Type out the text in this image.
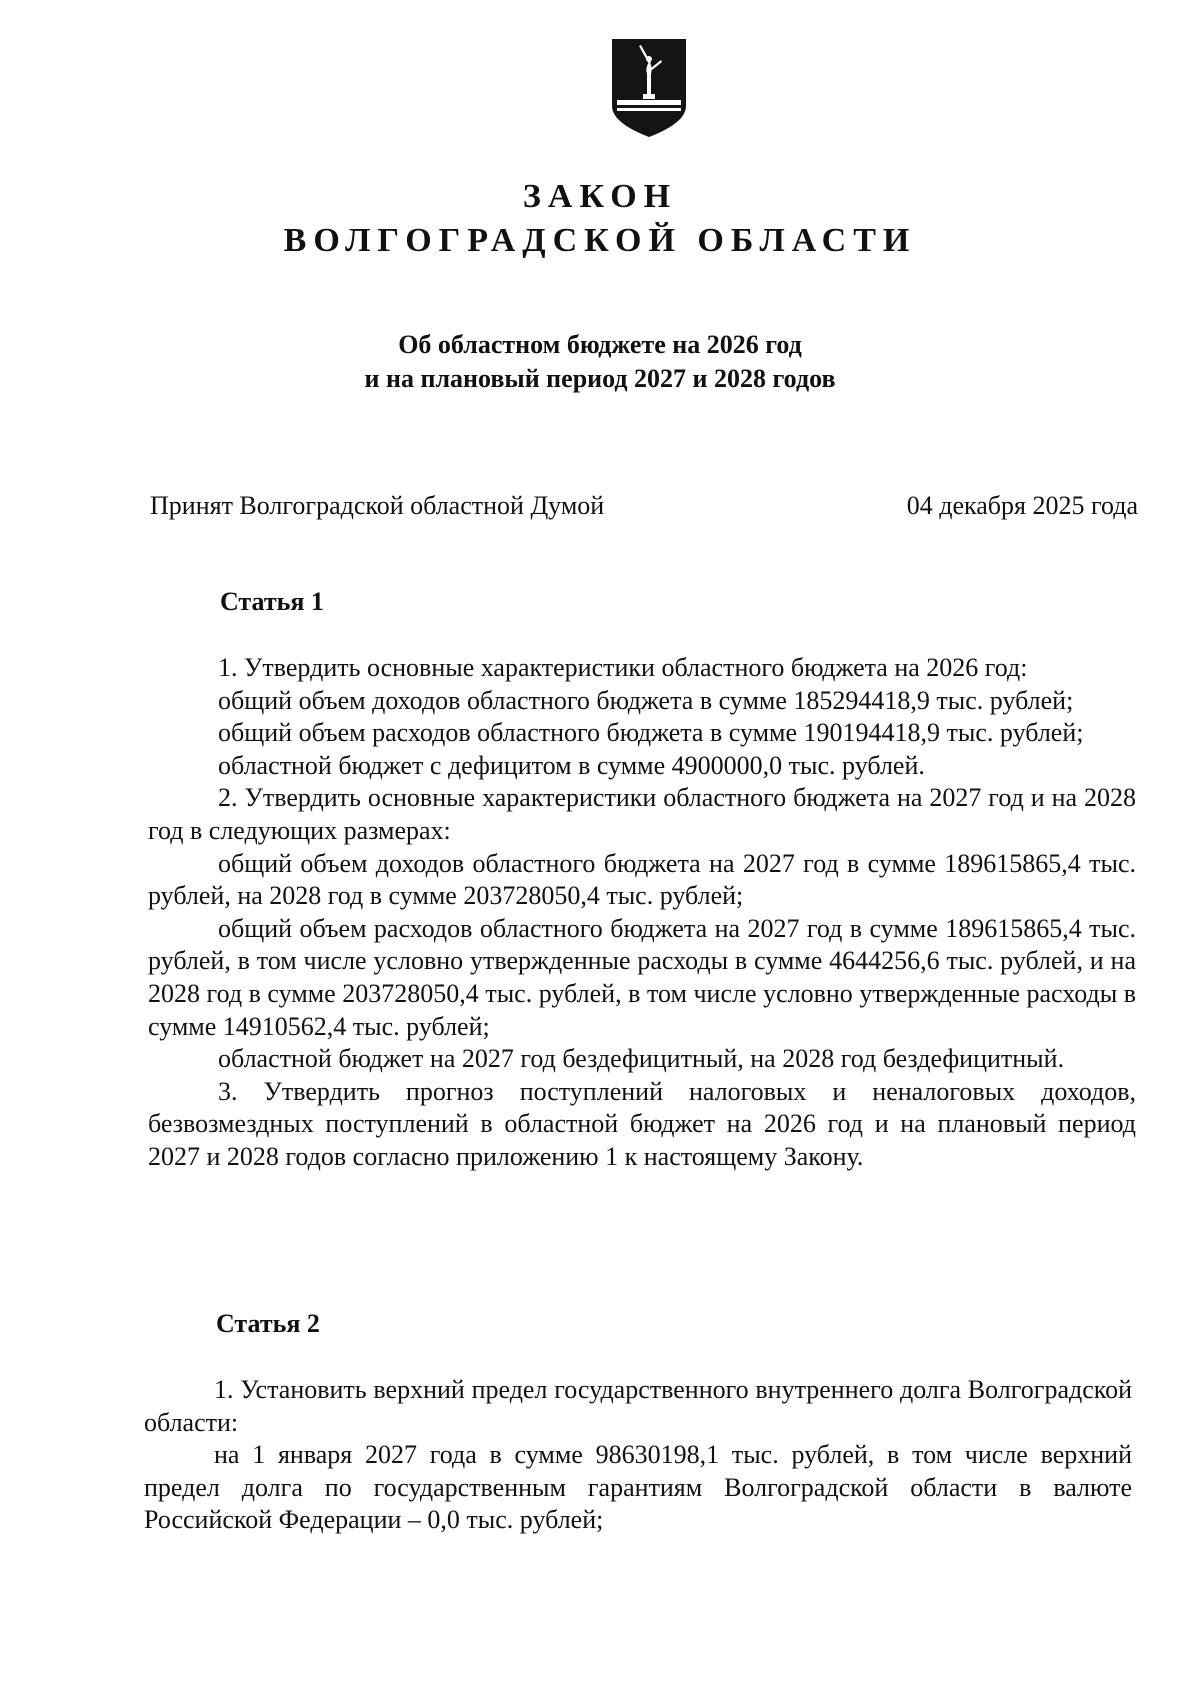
ЗАКОН
ВОЛГОГРАДСКОЙ ОБЛАСТИ
Об областном бюджете на 2026 год
и на плановый период 2027 и 2028 годов
Принят Волгоградской областной Думой	04 декабря 2025 года
Статья 1

1. Утвердить основные характеристики областного бюджета на 2026 год:

общий объем доходов областного бюджета в сумме 185294418,9 тыс. рублей;

общий объем расходов областного бюджета в сумме 190194418,9 тыс. рублей;

областной бюджет с дефицитом в сумме 4900000,0 тыс. рублей.

2. Утвердить основные характеристики областного бюджета на 2027 год и на 2028 год в следующих размерах:

общий объем доходов областного бюджета на 2027 год в сумме 189615865,4 тыс. рублей, на 2028 год в сумме 203728050,4 тыс. рублей;

общий объем расходов областного бюджета на 2027 год в сумме 189615865,4 тыс. рублей, в том числе условно утвержденные расходы в сумме 4644256,6 тыс. рублей, и на 2028 год в сумме 203728050,4 тыс. рублей, в том числе условно утвержденные расходы в сумме 14910562,4 тыс. рублей;

областной бюджет на 2027 год бездефицитный, на 2028 год бездефицитный.

3. Утвердить прогноз поступлений налоговых и неналоговых доходов, безвозмездных поступлений в областной бюджет на 2026 год и на плановый период 2027 и 2028 годов согласно приложению 1 к настоящему Закону.

Статья 2

1. Установить верхний предел государственного внутреннего долга Волгоградской области:

на 1 января 2027 года в сумме 98630198,1 тыс. рублей, в том числе верхний предел долга по государственным гарантиям Волгоградской области в валюте Российской Федерации – 0,0 тыс. рублей;
